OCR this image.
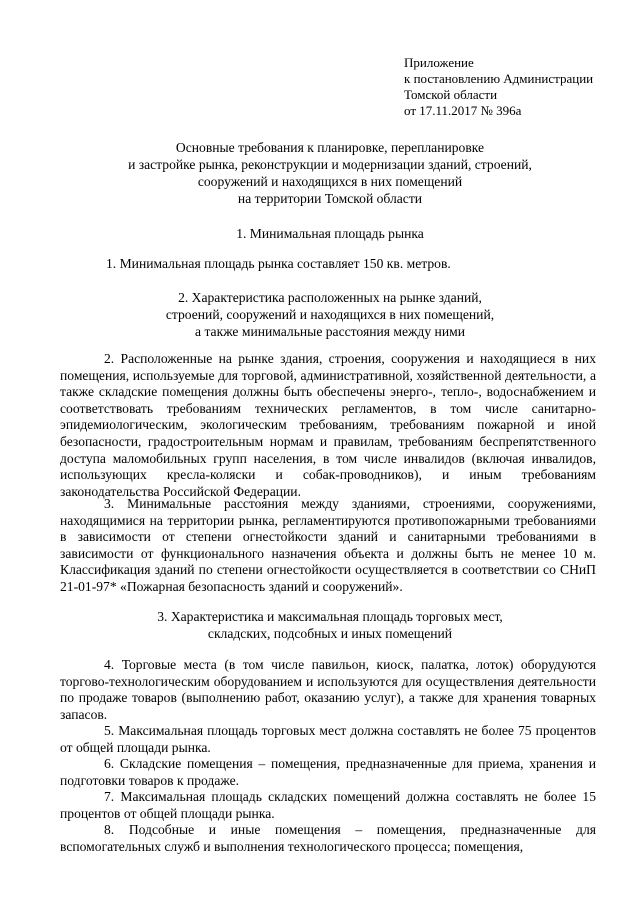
Приложение
к постановлению Администрации
Томской области
от 17.11.2017 № 396а
Основные требования к планировке, перепланировке
и застройке рынка, реконструкции и модернизации зданий, строений,
сооружений и находящихся в них помещений
на территории Томской области
1. Минимальная площадь рынка
1. Минимальная площадь рынка составляет 150 кв. метров.
2. Характеристика расположенных на рынке зданий,
строений, сооружений и находящихся в них помещений,
а также минимальные расстояния между ними
2. Расположенные на рынке здания, строения, сооружения и находящиеся в них помещения, используемые для торговой, административной, хозяйственной деятельности, а также складские помещения должны быть обеспечены энерго-, тепло-, водоснабжением и соответствовать требованиям технических регламентов, в том числе санитарно-эпидемиологическим, экологическим требованиям, требованиям пожарной и иной безопасности, градостроительным нормам и правилам, требованиям беспрепятственного доступа маломобильных групп населения, в том числе инвалидов (включая инвалидов, использующих кресла-коляски и собак-проводников), и иным требованиям законодательства Российской Федерации.
3. Минимальные расстояния между зданиями, строениями, сооружениями, находящимися на территории рынка, регламентируются противопожарными требованиями в зависимости от степени огнестойкости зданий и санитарными требованиями в зависимости от функционального назначения объекта и должны быть не менее 10 м. Классификация зданий по степени огнестойкости осуществляется в соответствии со СНиП 21-01-97* «Пожарная безопасность зданий и сооружений».
3. Характеристика и максимальная площадь торговых мест,
складских, подсобных и иных помещений
4. Торговые места (в том числе павильон, киоск, палатка, лоток) оборудуются торгово-технологическим оборудованием и используются для осуществления деятельности по продаже товаров (выполнению работ, оказанию услуг), а также для хранения товарных запасов.
5. Максимальная площадь торговых мест должна составлять не более 75 процентов от общей площади рынка.
6. Складские помещения – помещения, предназначенные для приема, хранения и подготовки товаров к продаже.
7. Максимальная площадь складских помещений должна составлять не более 15 процентов от общей площади рынка.
8. Подсобные и иные помещения – помещения, предназначенные для вспомогательных служб и выполнения технологического процесса; помещения,
